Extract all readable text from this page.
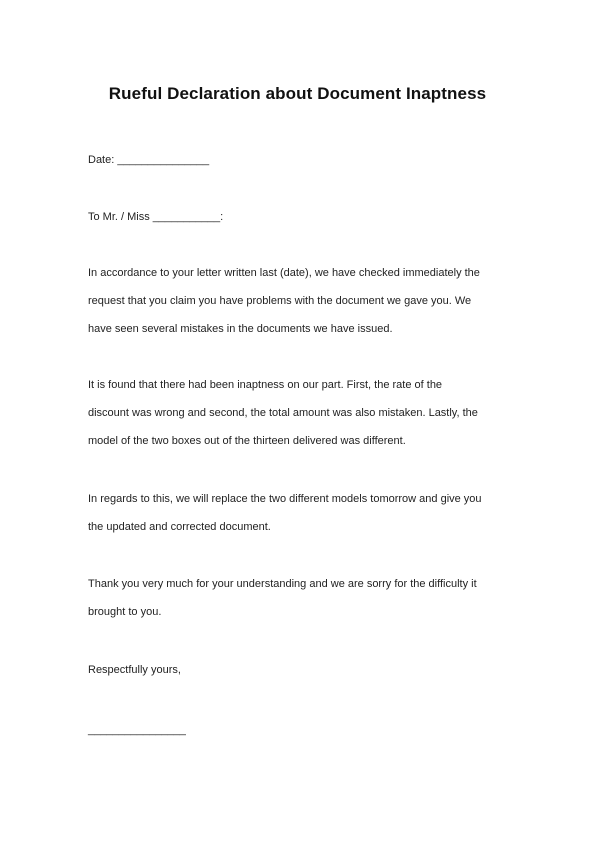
Rueful Declaration about Document Inaptness

Date: _______________

To Mr. / Miss ___________:

In accordance to your letter written last (date), we have checked immediately the
request that you claim you have problems with the document we gave you. We
have seen several mistakes in the documents we have issued.

It is found that there had been inaptness on our part. First, the rate of the
discount was wrong and second, the total amount was also mistaken. Lastly, the
model of the two boxes out of the thirteen delivered was different.

In regards to this, we will replace the two different models tomorrow and give you
the updated and corrected document.

Thank you very much for your understanding and we are sorry for the difficulty it
brought to you.

Respectfully yours,

________________
